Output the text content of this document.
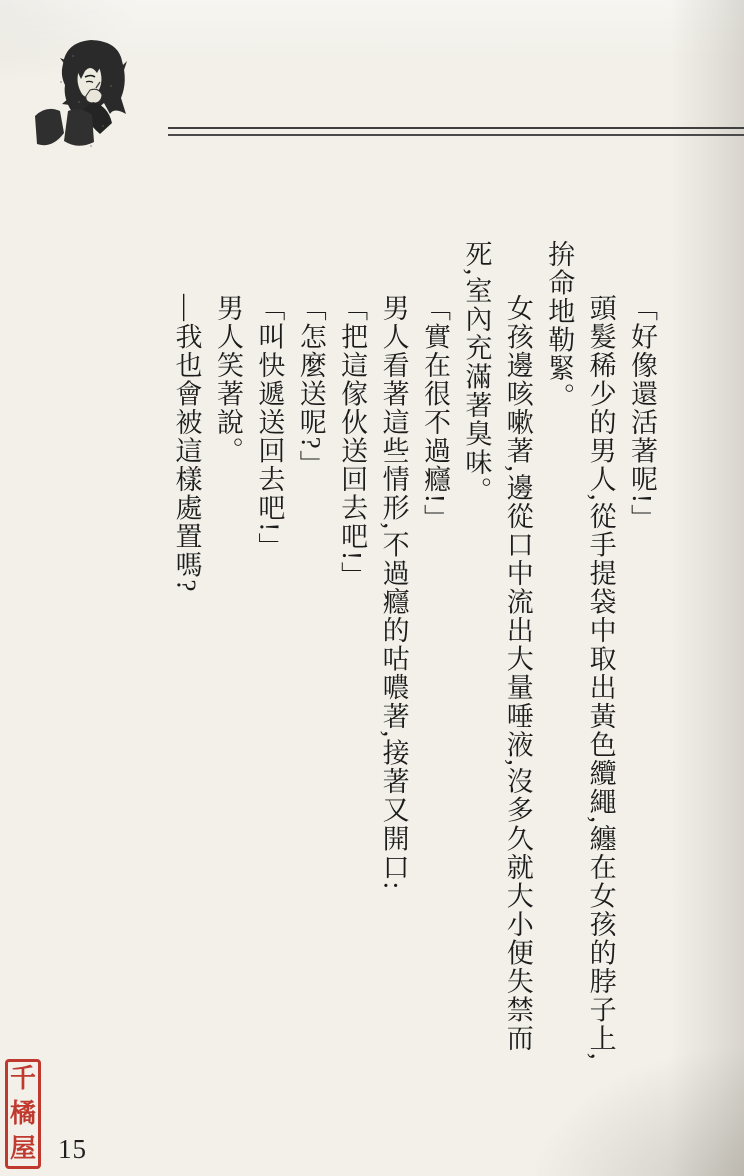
「好像還活著呢!」

頭髮稀少的男人,從手提袋中取出黃色纜繩,纏在女孩的脖子上,拚命地勒緊。

女孩邊咳嗽著,邊從口中流出大量唾液,沒多久就大小便失禁而死,室內充滿著臭味。

「實在很不過癮!」

男人看著這些情形,不過癮的咕噥著,接著又開口:

「把這傢伙送回去吧!」

「怎麼送呢?」

「叫快遞送回去吧!」

男人笑著說。

—我也會被這樣處置嗎?

千
橘
屋 15
